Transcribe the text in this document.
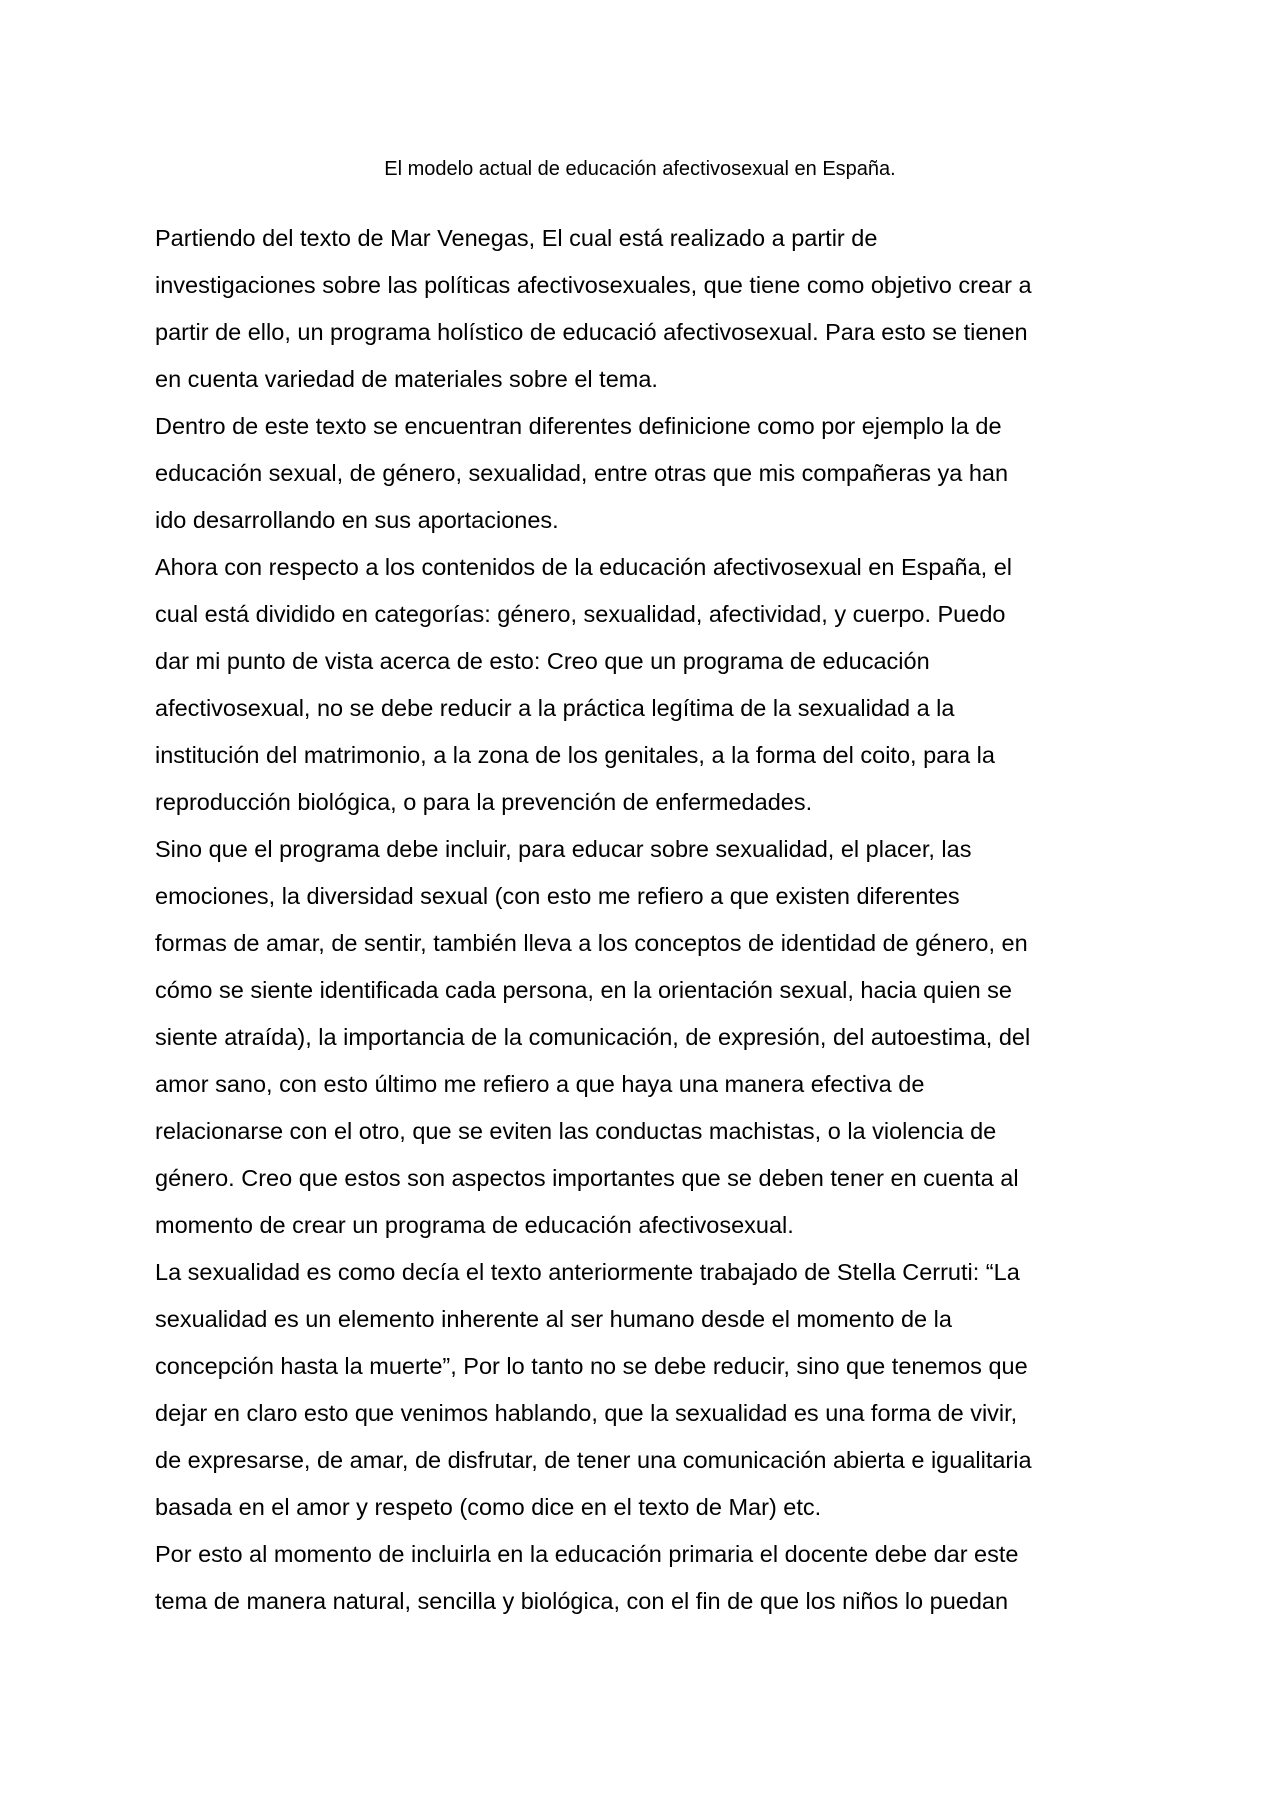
El modelo actual de educación afectivosexual en España.
Partiendo del texto de Mar Venegas, El cual está realizado a partir de
investigaciones sobre las políticas afectivosexuales, que tiene como objetivo crear a
partir de ello, un programa holístico de educació afectivosexual. Para esto se tienen
en cuenta variedad de materiales sobre el tema.
Dentro de este texto se encuentran diferentes definicione como por ejemplo la de
educación sexual, de género, sexualidad, entre otras que mis compañeras ya han
ido desarrollando en sus aportaciones.
Ahora con respecto a los contenidos de la educación afectivosexual en España, el
cual está dividido en categorías: género, sexualidad, afectividad, y cuerpo. Puedo
dar mi punto de vista acerca de esto: Creo que un programa de educación
afectivosexual, no se debe reducir a la práctica legítima de la sexualidad a la
institución del matrimonio, a la zona de los genitales, a la forma del coito, para la
reproducción biológica, o para la prevención de enfermedades.
Sino que el programa debe incluir, para educar sobre sexualidad, el placer, las
emociones, la diversidad sexual (con esto me refiero a que existen diferentes
formas de amar, de sentir, también lleva a los conceptos de identidad de género, en
cómo se siente identificada cada persona, en la orientación sexual, hacia quien se
siente atraída), la importancia de la comunicación, de expresión, del autoestima, del
amor sano, con esto último me refiero a que haya una manera efectiva de
relacionarse con el otro, que se eviten las conductas machistas, o la violencia de
género. Creo que estos son aspectos importantes que se deben tener en cuenta al
momento de crear un programa de educación afectivosexual.
La sexualidad es como decía el texto anteriormente trabajado de Stella Cerruti: “La
sexualidad es un elemento inherente al ser humano desde el momento de la
concepción hasta la muerte”, Por lo tanto no se debe reducir, sino que tenemos que
dejar en claro esto que venimos hablando, que la sexualidad es una forma de vivir,
de expresarse, de amar, de disfrutar, de tener una comunicación abierta e igualitaria
basada en el amor y respeto (como dice en el texto de Mar) etc.
Por esto al momento de incluirla en la educación primaria el docente debe dar este
tema de manera natural, sencilla y biológica, con el fin de que los niños lo puedan
